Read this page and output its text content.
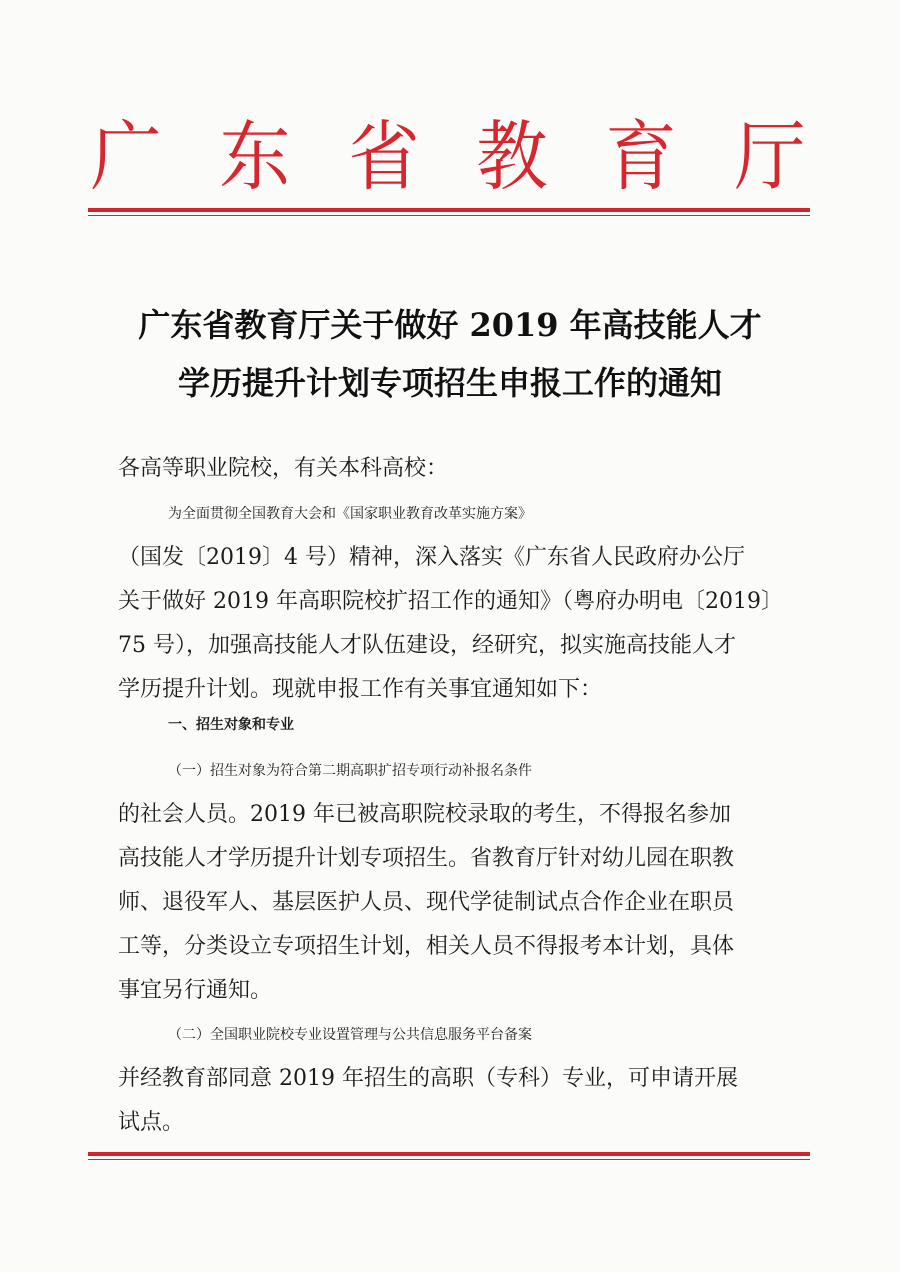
广 东 省 教 育 厅
广东省教育厅关于做好 2019 年高技能人才
学历提升计划专项招生申报工作的通知
各高等职业院校，有关本科高校：
为全面贯彻全国教育大会和《国家职业教育改革实施方案》
（国发〔2019〕4 号）精神，深入落实《广东省人民政府办公厅
关于做好 2019 年高职院校扩招工作的通知》（粤府办明电〔2019〕
75 号），加强高技能人才队伍建设，经研究，拟实施高技能人才
学历提升计划。现就申报工作有关事宜通知如下：
一、招生对象和专业
（一）招生对象为符合第二期高职扩招专项行动补报名条件
的社会人员。2019 年已被高职院校录取的考生，不得报名参加
高技能人才学历提升计划专项招生。省教育厅针对幼儿园在职教
师、退役军人、基层医护人员、现代学徒制试点合作企业在职员
工等，分类设立专项招生计划，相关人员不得报考本计划，具体
事宜另行通知。
（二）全国职业院校专业设置管理与公共信息服务平台备案
并经教育部同意 2019 年招生的高职（专科）专业，可申请开展
试点。
